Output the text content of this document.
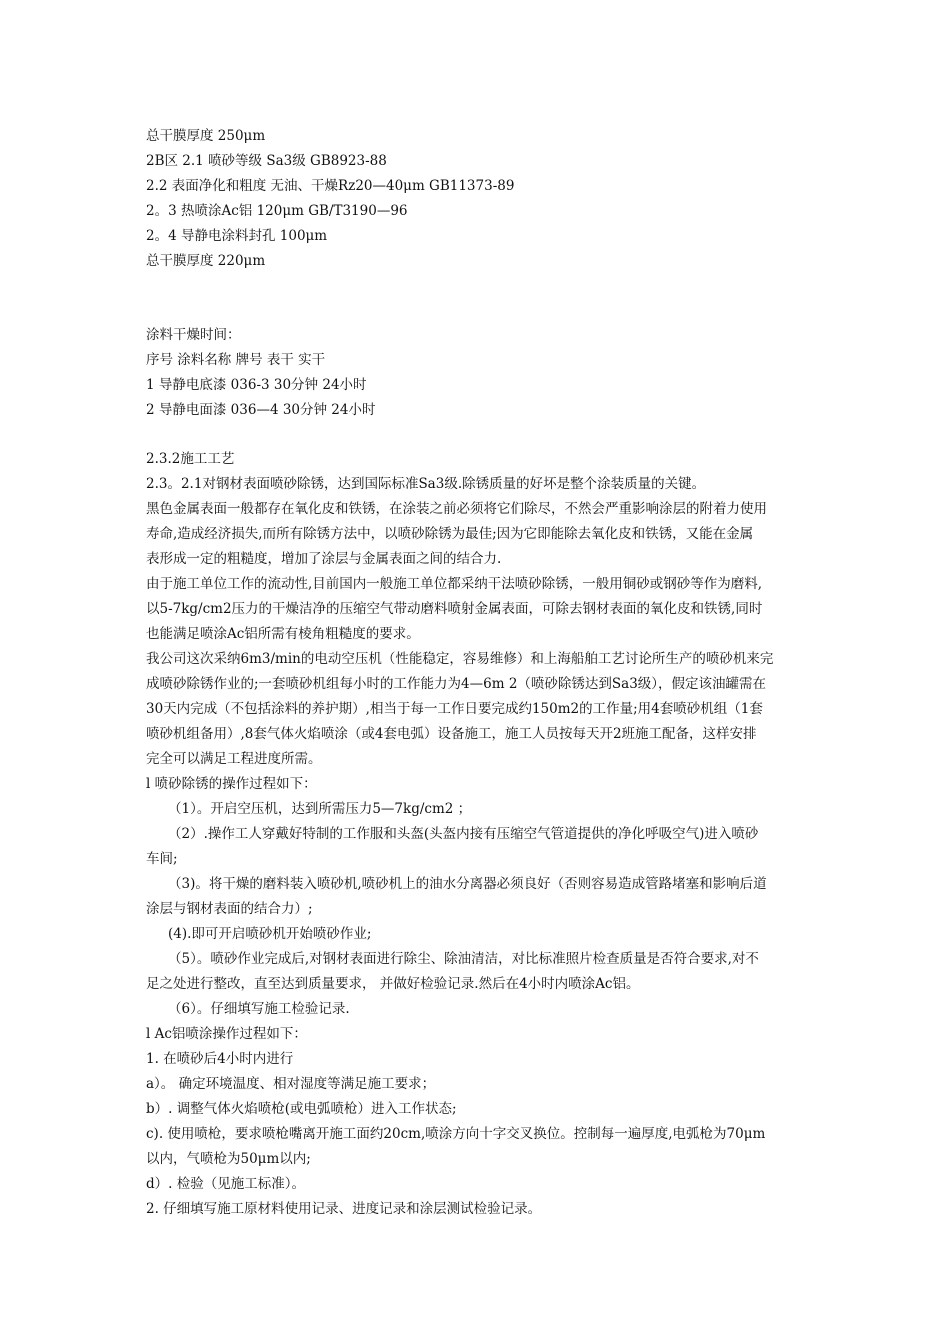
总干膜厚度 250μm
2B区 2.1 喷砂等级 Sa3级 GB8923-88
2.2 表面净化和粗度 无油、干燥Rz20—40μm GB11373-89
2。3 热喷涂Ac铝 120μm GB/T3190—96
2。4 导静电涂料封孔 100μm
总干膜厚度 220μm
涂料干燥时间：
序号 涂料名称 牌号 表干 实干
1 导静电底漆 036-3 30分钟 24小时
2 导静电面漆 036—4 30分钟 24小时
2.3.2施工工艺
2.3。2.1对钢材表面喷砂除锈，达到国际标准Sa3级.除锈质量的好坏是整个涂装质量的关键。
黑色金属表面一般都存在氧化皮和铁锈，在涂装之前必须将它们除尽，不然会严重影响涂层的附着力使用
寿命,造成经济损失,而所有除锈方法中，以喷砂除锈为最佳;因为它即能除去氧化皮和铁锈，又能在金属
表形成一定的粗糙度，增加了涂层与金属表面之间的结合力.
由于施工单位工作的流动性,目前国内一般施工单位都采纳干法喷砂除锈，一般用铜砂或钢砂等作为磨料,
以5-7kg/cm2压力的干燥洁净的压缩空气带动磨料喷射金属表面，可除去钢材表面的氧化皮和铁锈,同时
也能满足喷涂Ac铝所需有棱角粗糙度的要求。
我公司这次采纳6m3/min的电动空压机（性能稳定，容易维修）和上海船舶工艺讨论所生产的喷砂机来完
成喷砂除锈作业的;一套喷砂机组每小时的工作能力为4—6m 2（喷砂除锈达到Sa3级），假定该油罐需在
30天内完成（不包括涂料的养护期）,相当于每一工作日要完成约150m2的工作量;用4套喷砂机组（1套
喷砂机组备用）,8套气体火焰喷涂（或4套电弧）设备施工，施工人员按每天开2班施工配备，这样安排
完全可以满足工程进度所需。
l 喷砂除锈的操作过程如下：
（1）。开启空压机，达到所需压力5—7kg/cm2 ；
（2）.操作工人穿戴好特制的工作服和头盔(头盔内接有压缩空气管道提供的净化呼吸空气)进入喷砂
车间;
（3)。将干燥的磨料装入喷砂机,喷砂机上的油水分离器必须良好（否则容易造成管路堵塞和影响后道
涂层与钢材表面的结合力）;
(4).即可开启喷砂机开始喷砂作业;
（5）。喷砂作业完成后,对钢材表面进行除尘、除油清洁，对比标准照片检查质量是否符合要求,对不
足之处进行整改，直至达到质量要求， 并做好检验记录.然后在4小时内喷涂Ac铝。
（6）。仔细填写施工检验记录.
l Ac铝喷涂操作过程如下：
1. 在喷砂后4小时内进行
a）。 确定环境温度、相对湿度等满足施工要求；
b）. 调整气体火焰喷枪(或电弧喷枪）进入工作状态;
c). 使用喷枪，要求喷枪嘴离开施工面约20cm,喷涂方向十字交叉换位。控制每一遍厚度,电弧枪为70μm
以内，气喷枪为50μm以内;
d）. 检验（见施工标准）。
2. 仔细填写施工原材料使用记录、进度记录和涂层测试检验记录。
